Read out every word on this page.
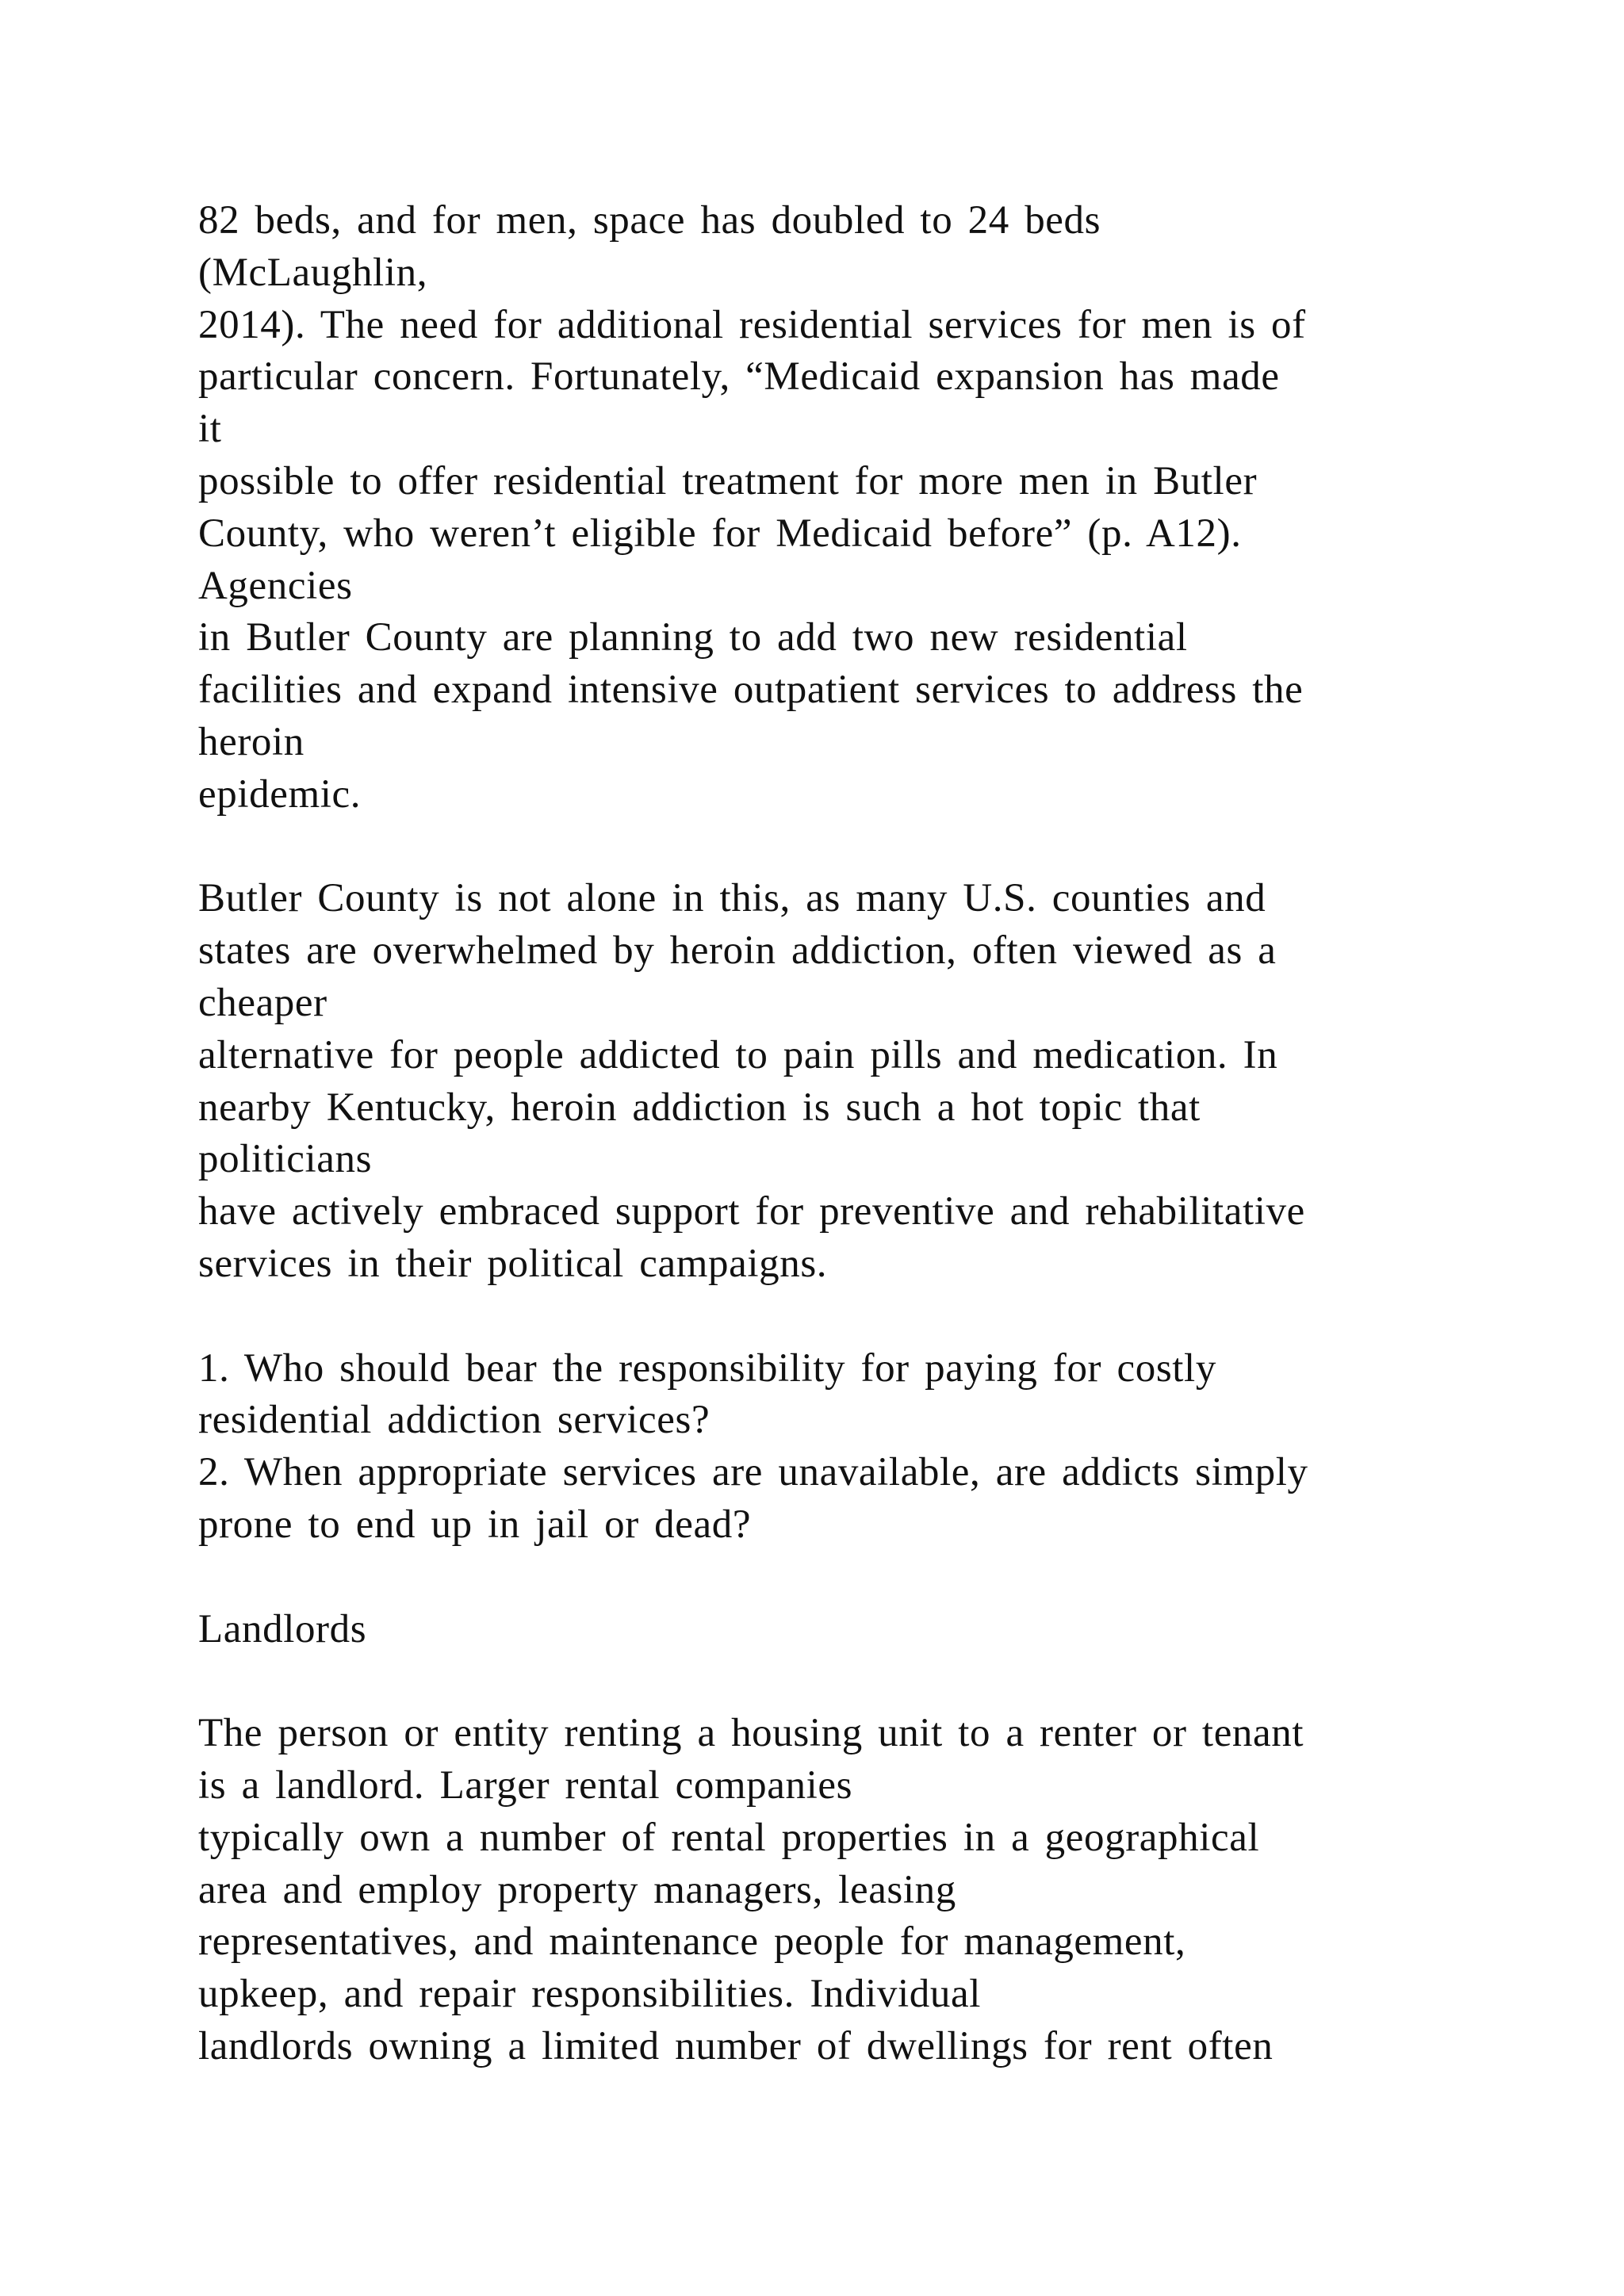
82 beds, and for men, space has doubled to 24 beds
(McLaughlin,
2014). The need for additional residential services for men is of
particular concern. Fortunately, “Medicaid expansion has made
it
possible to offer residential treatment for more men in Butler
County, who weren’t eligible for Medicaid before” (p. A12).
Agencies
in Butler County are planning to add two new residential
facilities and expand intensive outpatient services to address the
heroin
epidemic.
Butler County is not alone in this, as many U.S. counties and
states are overwhelmed by heroin addiction, often viewed as a
cheaper
alternative for people addicted to pain pills and medication. In
nearby Kentucky, heroin addiction is such a hot topic that
politicians
have actively embraced support for preventive and rehabilitative
services in their political campaigns.
1. Who should bear the responsibility for paying for costly
residential addiction services?
2. When appropriate services are unavailable, are addicts simply
prone to end up in jail or dead?
Landlords
The person or entity renting a housing unit to a renter or tenant
is a landlord. Larger rental companies
typically own a number of rental properties in a geographical
area and employ property managers, leasing
representatives, and maintenance people for management,
upkeep, and repair responsibilities. Individual
landlords owning a limited number of dwellings for rent often
